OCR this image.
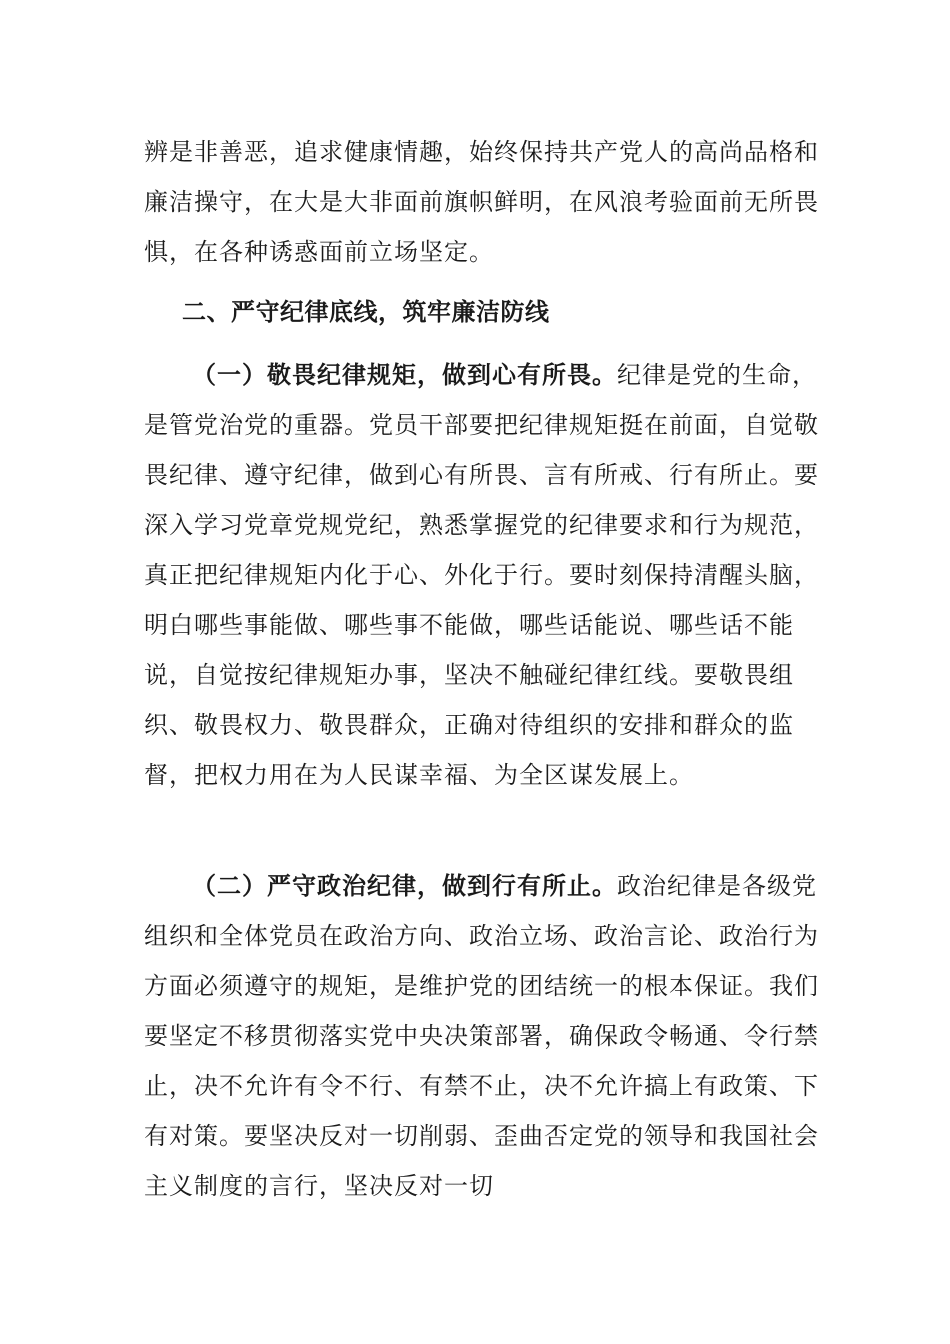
辨是非善恶，追求健康情趣，始终保持共产党人的高尚品格和廉洁操守，在大是大非面前旗帜鲜明，在风浪考验面前无所畏惧，在各种诱惑面前立场坚定。

二、严守纪律底线，筑牢廉洁防线

（一）敬畏纪律规矩，做到心有所畏。纪律是党的生命，是管党治党的重器。党员干部要把纪律规矩挺在前面，自觉敬畏纪律、遵守纪律，做到心有所畏、言有所戒、行有所止。要深入学习党章党规党纪，熟悉掌握党的纪律要求和行为规范，真正把纪律规矩内化于心、外化于行。要时刻保持清醒头脑，明白哪些事能做、哪些事不能做，哪些话能说、哪些话不能说，自觉按纪律规矩办事，坚决不触碰纪律红线。要敬畏组织、敬畏权力、敬畏群众，正确对待组织的安排和群众的监督，把权力用在为人民谋幸福、为全区谋发展上。

（二）严守政治纪律，做到行有所止。政治纪律是各级党组织和全体党员在政治方向、政治立场、政治言论、政治行为方面必须遵守的规矩，是维护党的团结统一的根本保证。我们要坚定不移贯彻落实党中央决策部署，确保政令畅通、令行禁止，决不允许有令不行、有禁不止，决不允许搞上有政策、下有对策。要坚决反对一切削弱、歪曲否定党的领导和我国社会主义制度的言行，坚决反对一切
